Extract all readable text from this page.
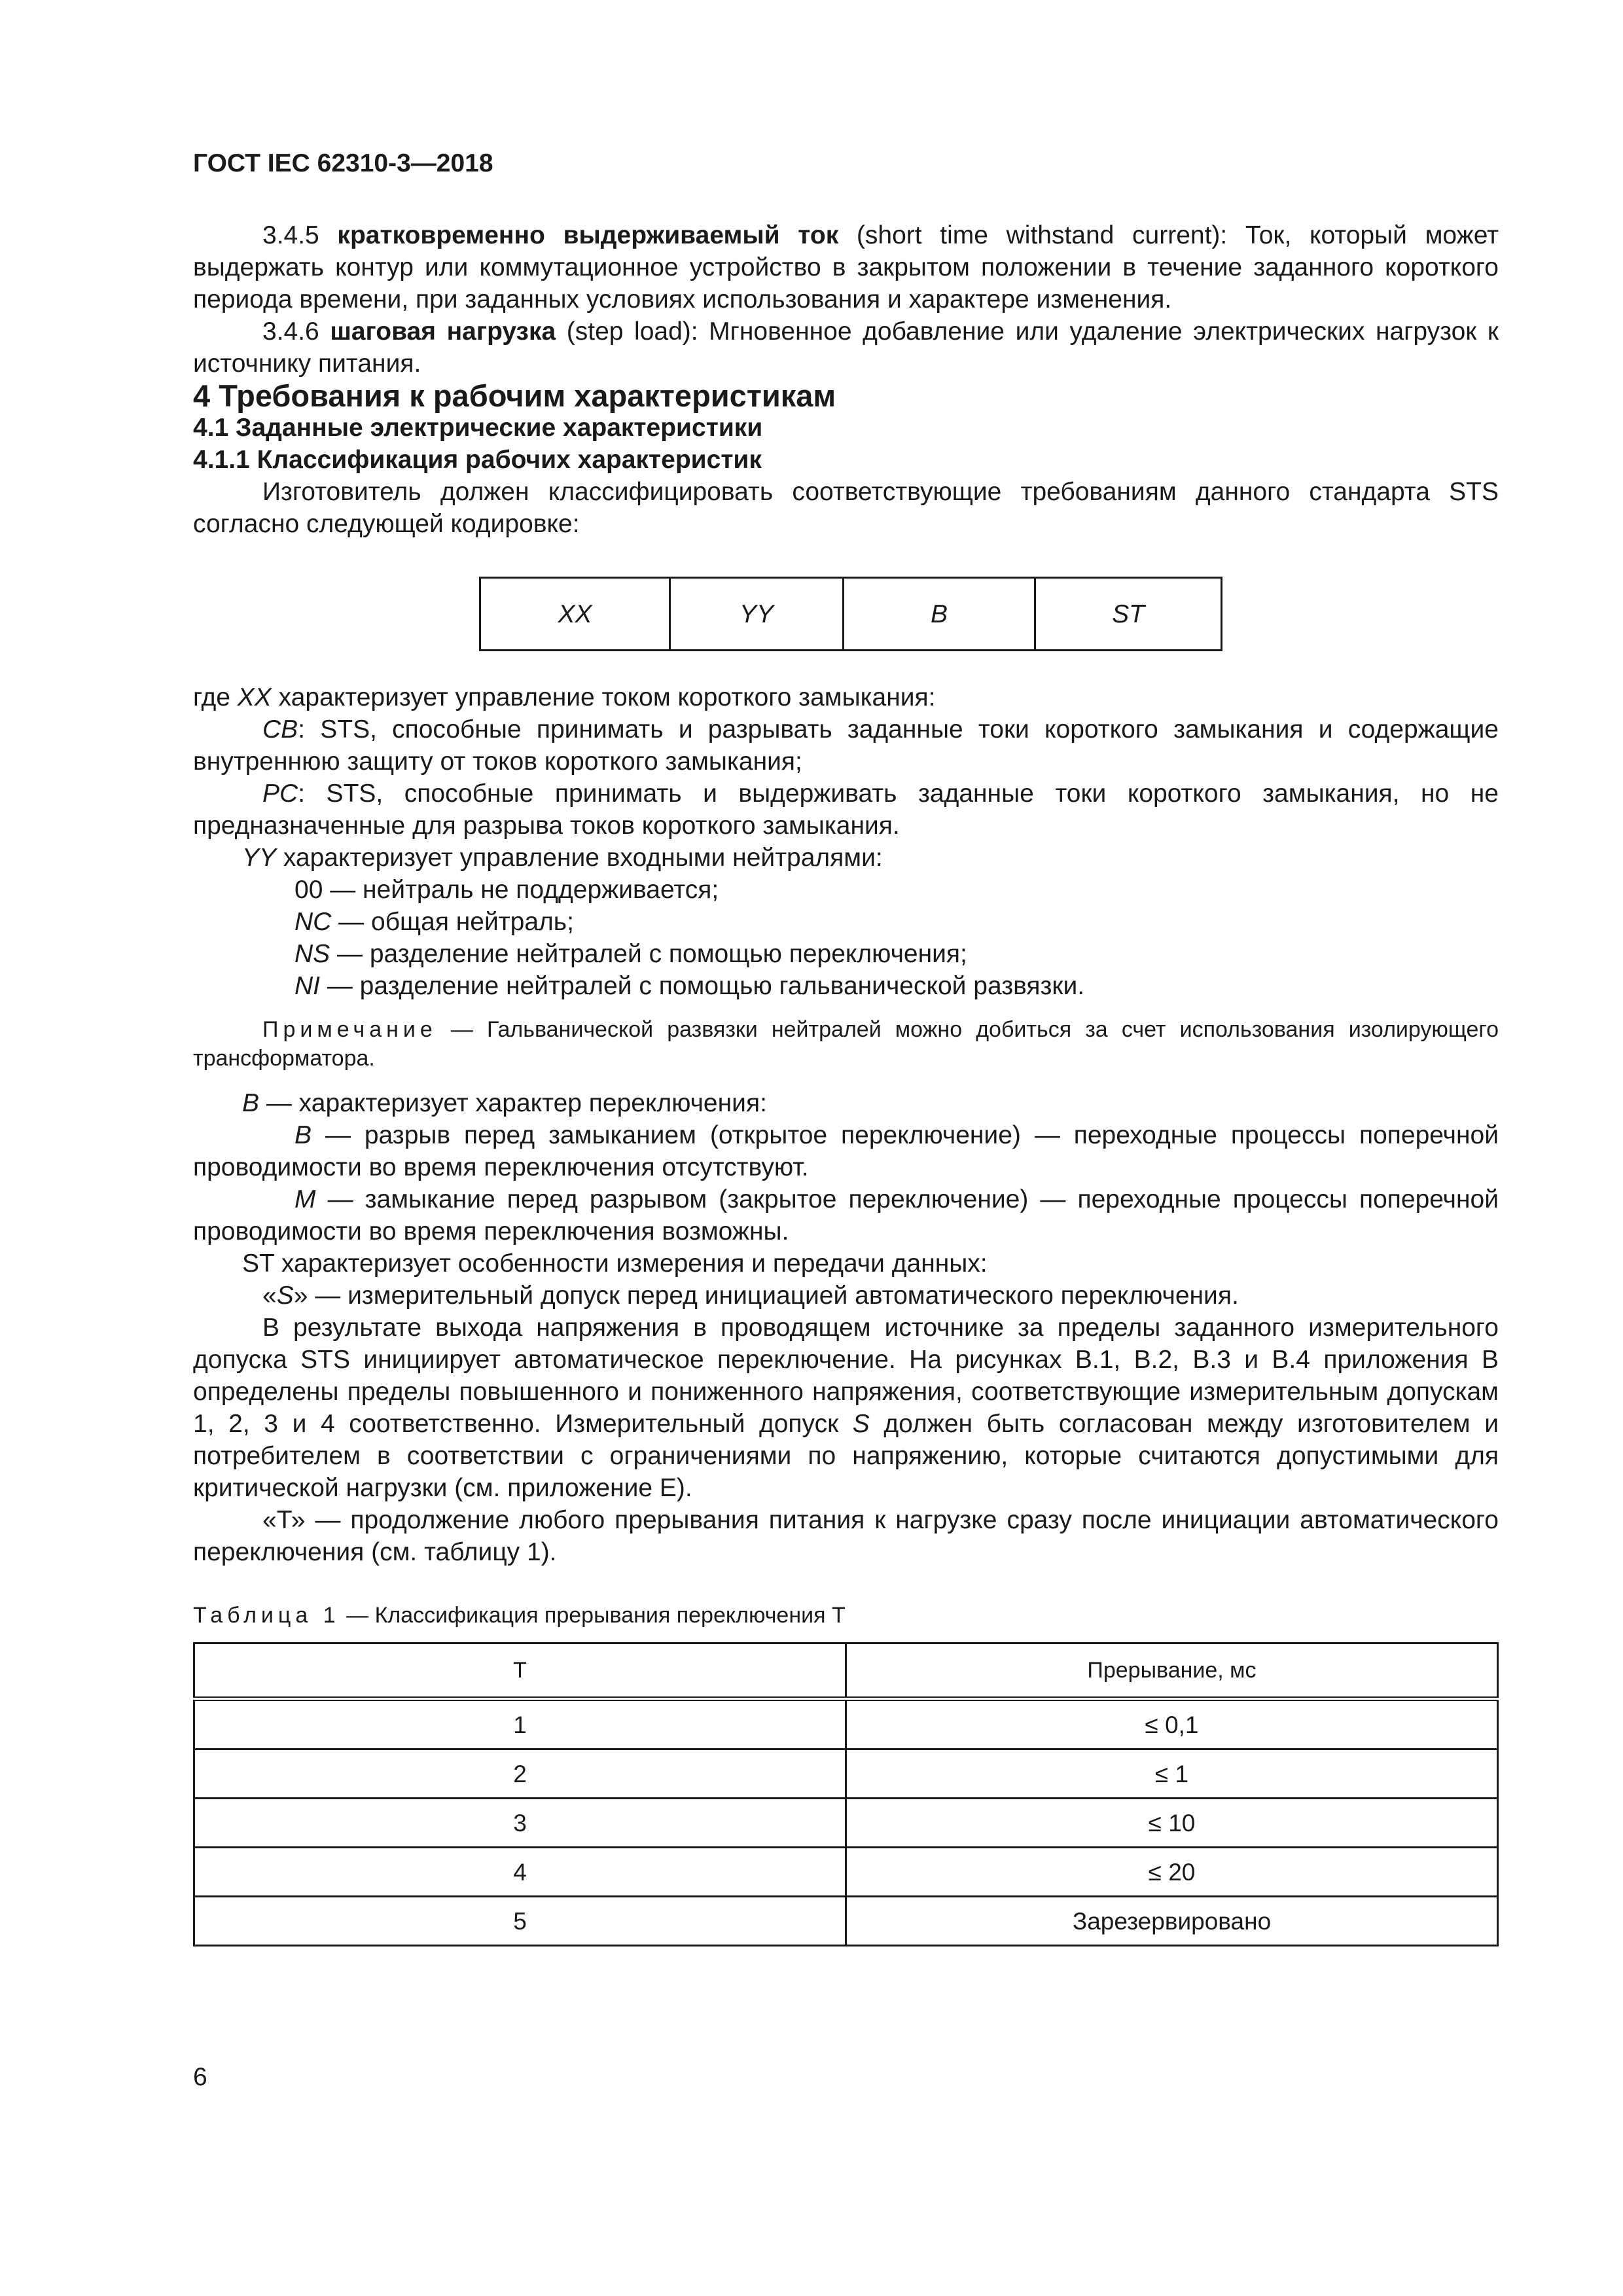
ГОСТ IEC 62310-3—2018

3.4.5 кратковременно выдерживаемый ток (short time withstand current): Ток, который может выдержать контур или коммутационное устройство в закрытом положении в течение заданного короткого периода времени, при заданных условиях использования и характере изменения.

3.4.6 шаговая нагрузка (step load): Мгновенное добавление или удаление электрических нагрузок к источнику питания.

4 Требования к рабочим характеристикам

4.1 Заданные электрические характеристики

4.1.1 Классификация рабочих характеристик

Изготовитель должен классифицировать соответствующие требованиям данного стандарта STS согласно следующей кодировке:

XX	YY	B	ST

где XX характеризует управление током короткого замыкания:

CB: STS, способные принимать и разрывать заданные токи короткого замыкания и содержащие внутреннюю защиту от токов короткого замыкания;

PC: STS, способные принимать и выдерживать заданные токи короткого замыкания, но не предназначенные для разрыва токов короткого замыкания.

YY характеризует управление входными нейтралями:

00 — нейтраль не поддерживается;

NC — общая нейтраль;

NS — разделение нейтралей с помощью переключения;

NI — разделение нейтралей с помощью гальванической развязки.

Примечание — Гальванической развязки нейтралей можно добиться за счет использования изолирующего трансформатора.

B — характеризует характер переключения:

B — разрыв перед замыканием (открытое переключение) — переходные процессы поперечной проводимости во время переключения отсутствуют.

M — замыкание перед разрывом (закрытое переключение) — переходные процессы поперечной проводимости во время переключения возможны.

ST характеризует особенности измерения и передачи данных:

«S» — измерительный допуск перед инициацией автоматического переключения.

В результате выхода напряжения в проводящем источнике за пределы заданного измерительного допуска STS инициирует автоматическое переключение. На рисунках В.1, В.2, В.3 и В.4 приложения В определены пределы повышенного и пониженного напряжения, соответствующие измерительным допускам 1, 2, 3 и 4 соответственно. Измерительный допуск S должен быть согласован между изготовителем и потребителем в соответствии с ограничениями по напряжению, которые считаются допустимыми для критической нагрузки (см. приложение Е).

«Т» — продолжение любого прерывания питания к нагрузке сразу после инициации автоматического переключения (см. таблицу 1).

Таблица 1 — Классификация прерывания переключения Т

Т	Прерывание, мс
1	≤ 0,1
2	≤ 1
3	≤ 10
4	≤ 20
5	Зарезервировано

6
